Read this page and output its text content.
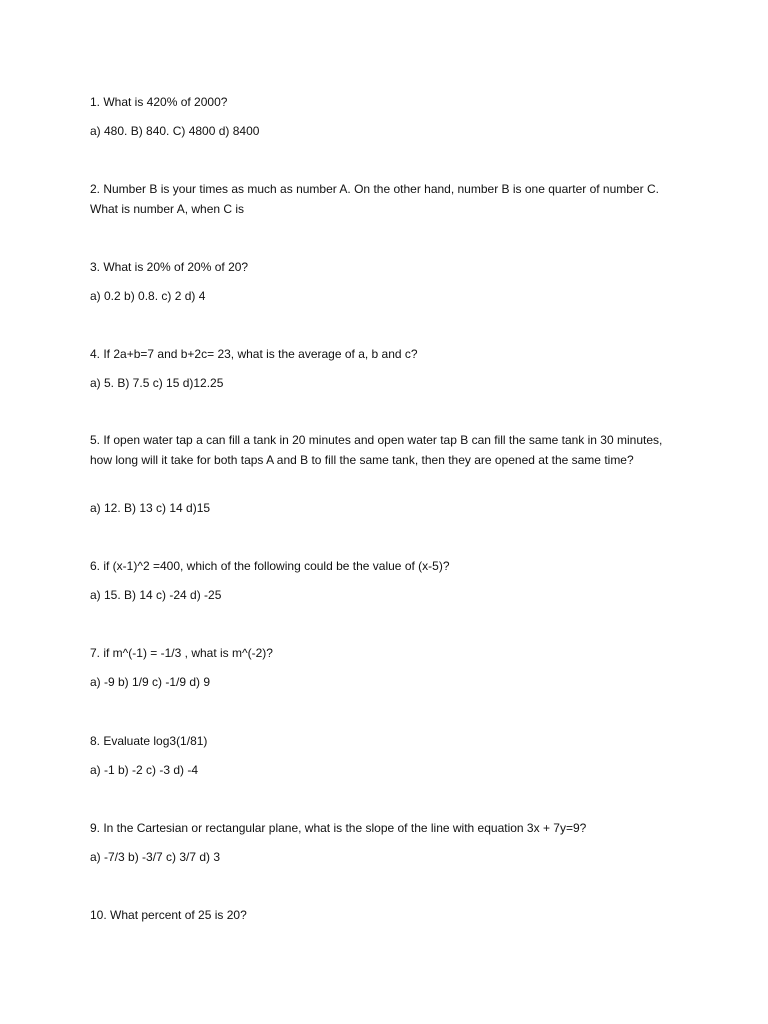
1. What is 420% of 2000?
a) 480. B) 840. C) 4800 d) 8400
2. Number B is your times as much as number A. On the other hand, number B is one quarter of number C. What is number A, when C is
3. What is 20% of 20% of 20?
a) 0.2 b) 0.8. c) 2 d) 4
4. If 2a+b=7 and b+2c= 23, what is the average of a, b and c?
a) 5. B) 7.5 c) 15 d)12.25
5. If open water tap a can fill a tank in 20 minutes and open water tap B can fill the same tank in 30 minutes, how long will it take for both taps A and B to fill the same tank, then they are opened at the same time?
a) 12. B) 13 c) 14 d)15
6. if (x-1)^2 =400, which of the following could be the value of (x-5)?
a) 15. B) 14 c) -24 d) -25
7. if m^(-1) = -1/3 , what is m^(-2)?
a) -9 b) 1/9 c) -1/9 d) 9
8. Evaluate log3(1/81)
a) -1 b) -2 c) -3 d) -4
9. In the Cartesian or rectangular plane, what is the slope of the line with equation 3x + 7y=9?
a) -7/3 b) -3/7 c) 3/7 d) 3
10. What percent of 25 is 20?
